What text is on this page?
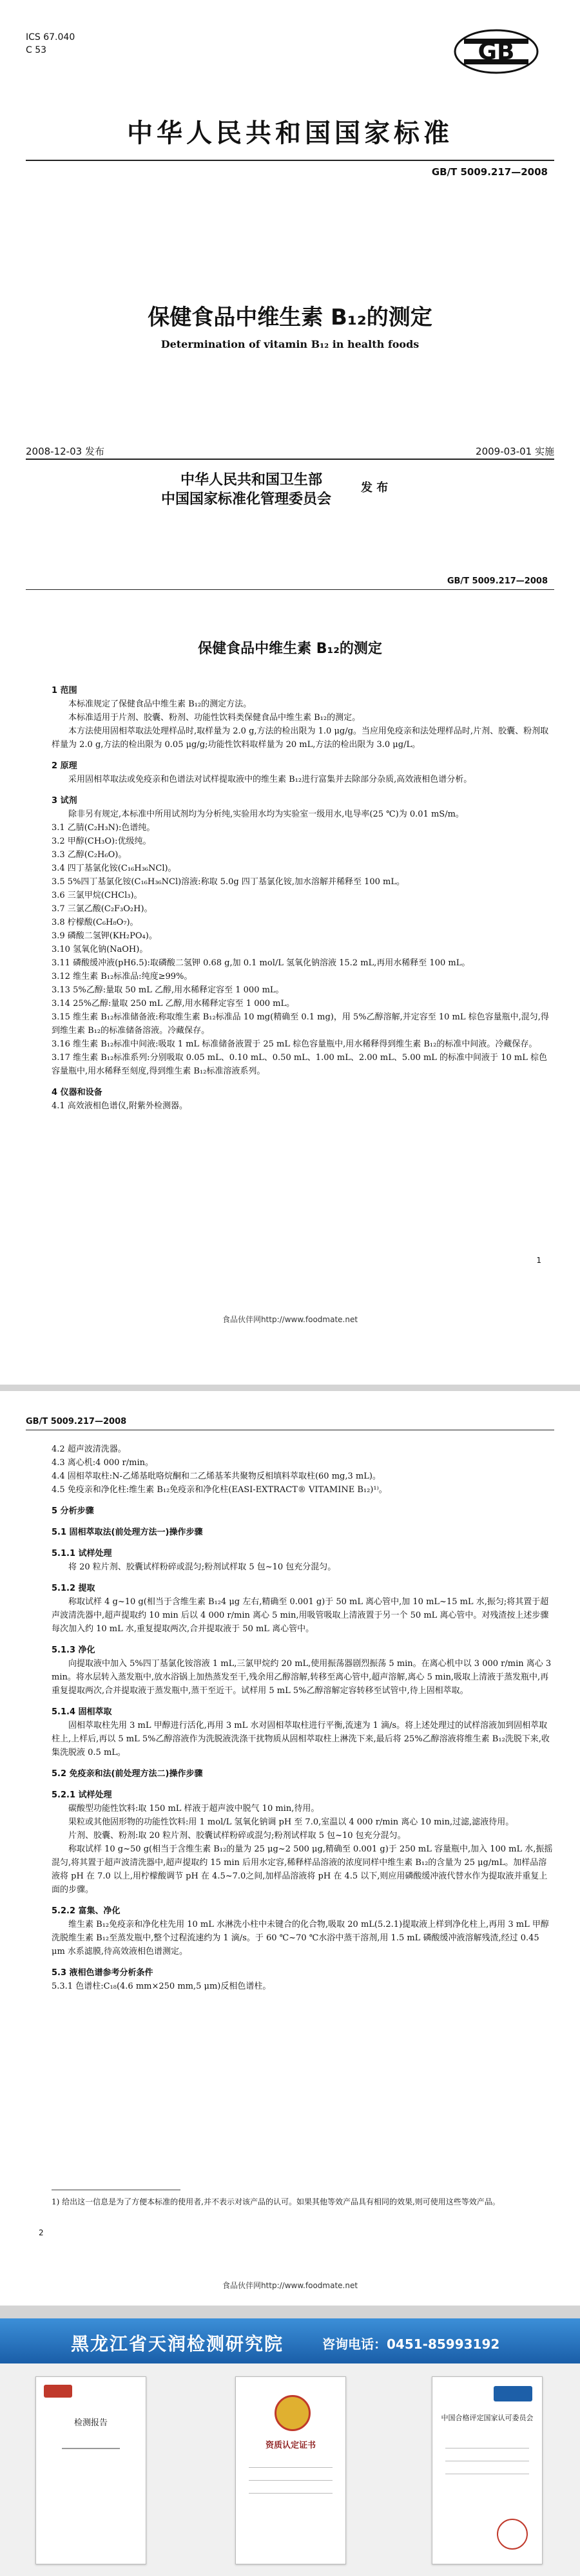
ICS 67.040
C 53	GB
中华人民共和国国家标准
GB/T 5009.217—2008
保健食品中维生素 B₁₂的测定
Determination of vitamin B₁₂ in health foods
2008-12-03 发布	2009-03-01 实施
中华人民共和国卫生部
中国国家标准化管理委员会
发 布
GB/T 5009.217—2008
保健食品中维生素 B₁₂的测定

1 范围

本标准规定了保健食品中维生素 B₁₂的测定方法。

本标准适用于片剂、胶囊、粉剂、功能性饮料类保健食品中维生素 B₁₂的测定。

本方法使用固相萃取法处理样品时,取样量为 2.0 g,方法的检出限为 1.0 μg/g。当应用免疫亲和法处理样品时,片剂、胶囊、粉剂取样量为 2.0 g,方法的检出限为 0.05 μg/g;功能性饮料取样量为 20 mL,方法的检出限为 3.0 μg/L。

2 原理

采用固相萃取法或免疫亲和色谱法对试样提取液中的维生素 B₁₂进行富集并去除部分杂质,高效液相色谱分析。

3 试剂

除非另有规定,本标准中所用试剂均为分析纯,实验用水均为实验室一级用水,电导率(25 ℃)为 0.01 mS/m。

3.1 乙腈(C₂H₃N):色谱纯。

3.2 甲醇(CH₃O):优级纯。

3.3 乙醇(C₂H₆O)。

3.4 四丁基氯化铵(C₁₆H₃₆NCl)。

3.5 5%四丁基氯化铵(C₁₆H₃₆NCl)溶液:称取 5.0g 四丁基氯化铵,加水溶解并稀释至 100 mL。

3.6 三氯甲烷(CHCl₃)。

3.7 三氯乙酸(C₂F₃O₂H)。

3.8 柠檬酸(C₆H₈O₇)。

3.9 磷酸二氢钾(KH₂PO₄)。

3.10 氢氧化钠(NaOH)。

3.11 磷酸缓冲液(pH6.5):取磷酸二氢钾 0.68 g,加 0.1 mol/L 氢氧化钠溶液 15.2 mL,再用水稀释至 100 mL。

3.12 维生素 B₁₂标准品:纯度≥99%。

3.13 5%乙醇:量取 50 mL 乙醇,用水稀释定容至 1 000 mL。

3.14 25%乙醇:量取 250 mL 乙醇,用水稀释定容至 1 000 mL。

3.15 维生素 B₁₂标准储备液:称取维生素 B₁₂标准品 10 mg(精确至 0.1 mg)，用 5%乙醇溶解,并定容至 10 mL 棕色容量瓶中,混匀,得到维生素 B₁₂的标准储备溶液。冷藏保存。

3.16 维生素 B₁₂标准中间液:吸取 1 mL 标准储备液置于 25 mL 棕色容量瓶中,用水稀释得到维生素 B₁₂的标准中间液。冷藏保存。

3.17 维生素 B₁₂标准系列:分别吸取 0.05 mL、0.10 mL、0.50 mL、1.00 mL、2.00 mL、5.00 mL 的标准中间液于 10 mL 棕色容量瓶中,用水稀释至刻度,得到维生素 B₁₂标准溶液系列。

4 仪器和设备

4.1 高效液相色谱仪,附紫外检测器。

1
食品伙伴网http://www.foodmate.net
GB/T 5009.217—2008

4.2 超声波清洗器。

4.3 离心机:4 000 r/min。

4.4 固相萃取柱:N-乙烯基吡咯烷酮和二乙烯基苯共聚物反相填料萃取柱(60 mg,3 mL)。

4.5 免疫亲和净化柱:维生素 B₁₂免疫亲和净化柱(EASI-EXTRACT® VITAMINE B₁₂)¹⁾。

5 分析步骤

5.1 固相萃取法(前处理方法一)操作步骤

5.1.1 试样处理

将 20 粒片剂、胶囊试样粉碎或混匀;粉剂试样取 5 包~10 包充分混匀。

5.1.2 提取

称取试样 4 g~10 g(相当于含维生素 B₁₂4 μg 左右,精确至 0.001 g)于 50 mL 离心管中,加 10 mL~15 mL 水,振匀;将其置于超声波清洗器中,超声提取约 10 min 后以 4 000 r/min 离心 5 min,用吸管吸取上清液置于另一个 50 mL 离心管中。对残渣按上述步骤每次加入约 10 mL 水,重复提取两次,合并提取液于 50 mL 离心管中。

5.1.3 净化

向提取液中加入 5%四丁基氯化铵溶液 1 mL,三氯甲烷约 20 mL,使用振荡器剧烈振荡 5 min。在离心机中以 3 000 r/min 离心 3 min。将水层转入蒸发瓶中,放水浴锅上加热蒸发至干,残余用乙醇溶解,转移至离心管中,超声溶解,离心 5 min,吸取上清液于蒸发瓶中,再重复提取两次,合并提取液于蒸发瓶中,蒸干至近干。试样用 5 mL 5%乙醇溶解定容转移至试管中,待上固相萃取。

5.1.4 固相萃取

固相萃取柱先用 3 mL 甲醇进行活化,再用 3 mL 水对固相萃取柱进行平衡,流速为 1 滴/s。将上述处理过的试样溶液加到固相萃取柱上,上样后,再以 5 mL 5%乙醇溶液作为洗脱液洗涤干扰物质从固相萃取柱上淋洗下来,最后将 25%乙醇溶液将维生素 B₁₂洗脱下来,收集洗脱液 0.5 mL。

5.2 免疫亲和法(前处理方法二)操作步骤

5.2.1 试样处理

碳酸型功能性饮料:取 150 mL 样液于超声波中脱气 10 min,待用。

果粒或其他固形物的功能性饮料:用 1 mol/L 氢氧化钠调 pH 至 7.0,室温以 4 000 r/min 离心 10 min,过滤,滤液待用。

片剂、胶囊、粉剂:取 20 粒片剂、胶囊试样粉碎或混匀;粉剂试样取 5 包~10 包充分混匀。

称取试样 10 g~50 g(相当于含维生素 B₁₂的量为 25 μg~2 500 μg,精确至 0.001 g)于 250 mL 容量瓶中,加入 100 mL 水,振摇混匀,将其置于超声波清洗器中,超声提取约 15 min 后用水定容,稀释样品溶液的浓度同样中维生素 B₁₂的含量为 25 μg/mL。加样品溶液将 pH 在 7.0 以上,用柠檬酸调节 pH 在 4.5~7.0之间,加样品溶液将 pH 在 4.5 以下,则应用磷酸缓冲液代替水作为提取液并重复上面的步骤。

5.2.2 富集、净化

维生素 B₁₂免疫亲和净化柱先用 10 mL 水淋洗小柱中未键合的化合物,吸取 20 mL(5.2.1)提取液上样到净化柱上,再用 3 mL 甲醇洗脱维生素 B₁₂至蒸发瓶中,整个过程流速约为 1 滴/s。于 60 ℃~70 ℃水浴中蒸干溶剂,用 1.5 mL 磷酸缓冲液溶解残渣,经过 0.45 μm 水系滤膜,待高效液相色谱测定。

5.3 液相色谱参考分析条件

5.3.1 色谱柱:C₁₈(4.6 mm×250 mm,5 μm)反相色谱柱。

1) 给出这一信息是为了方便本标准的使用者,并不表示对该产品的认可。如果其他等效产品具有相同的效果,则可使用这些等效产品。
2
食品伙伴网http://www.foodmate.net
黑龙江省天润检测研究院	咨询电话：0451-85993192
检测报告
资质认定证书
中国合格评定国家认可委员会
